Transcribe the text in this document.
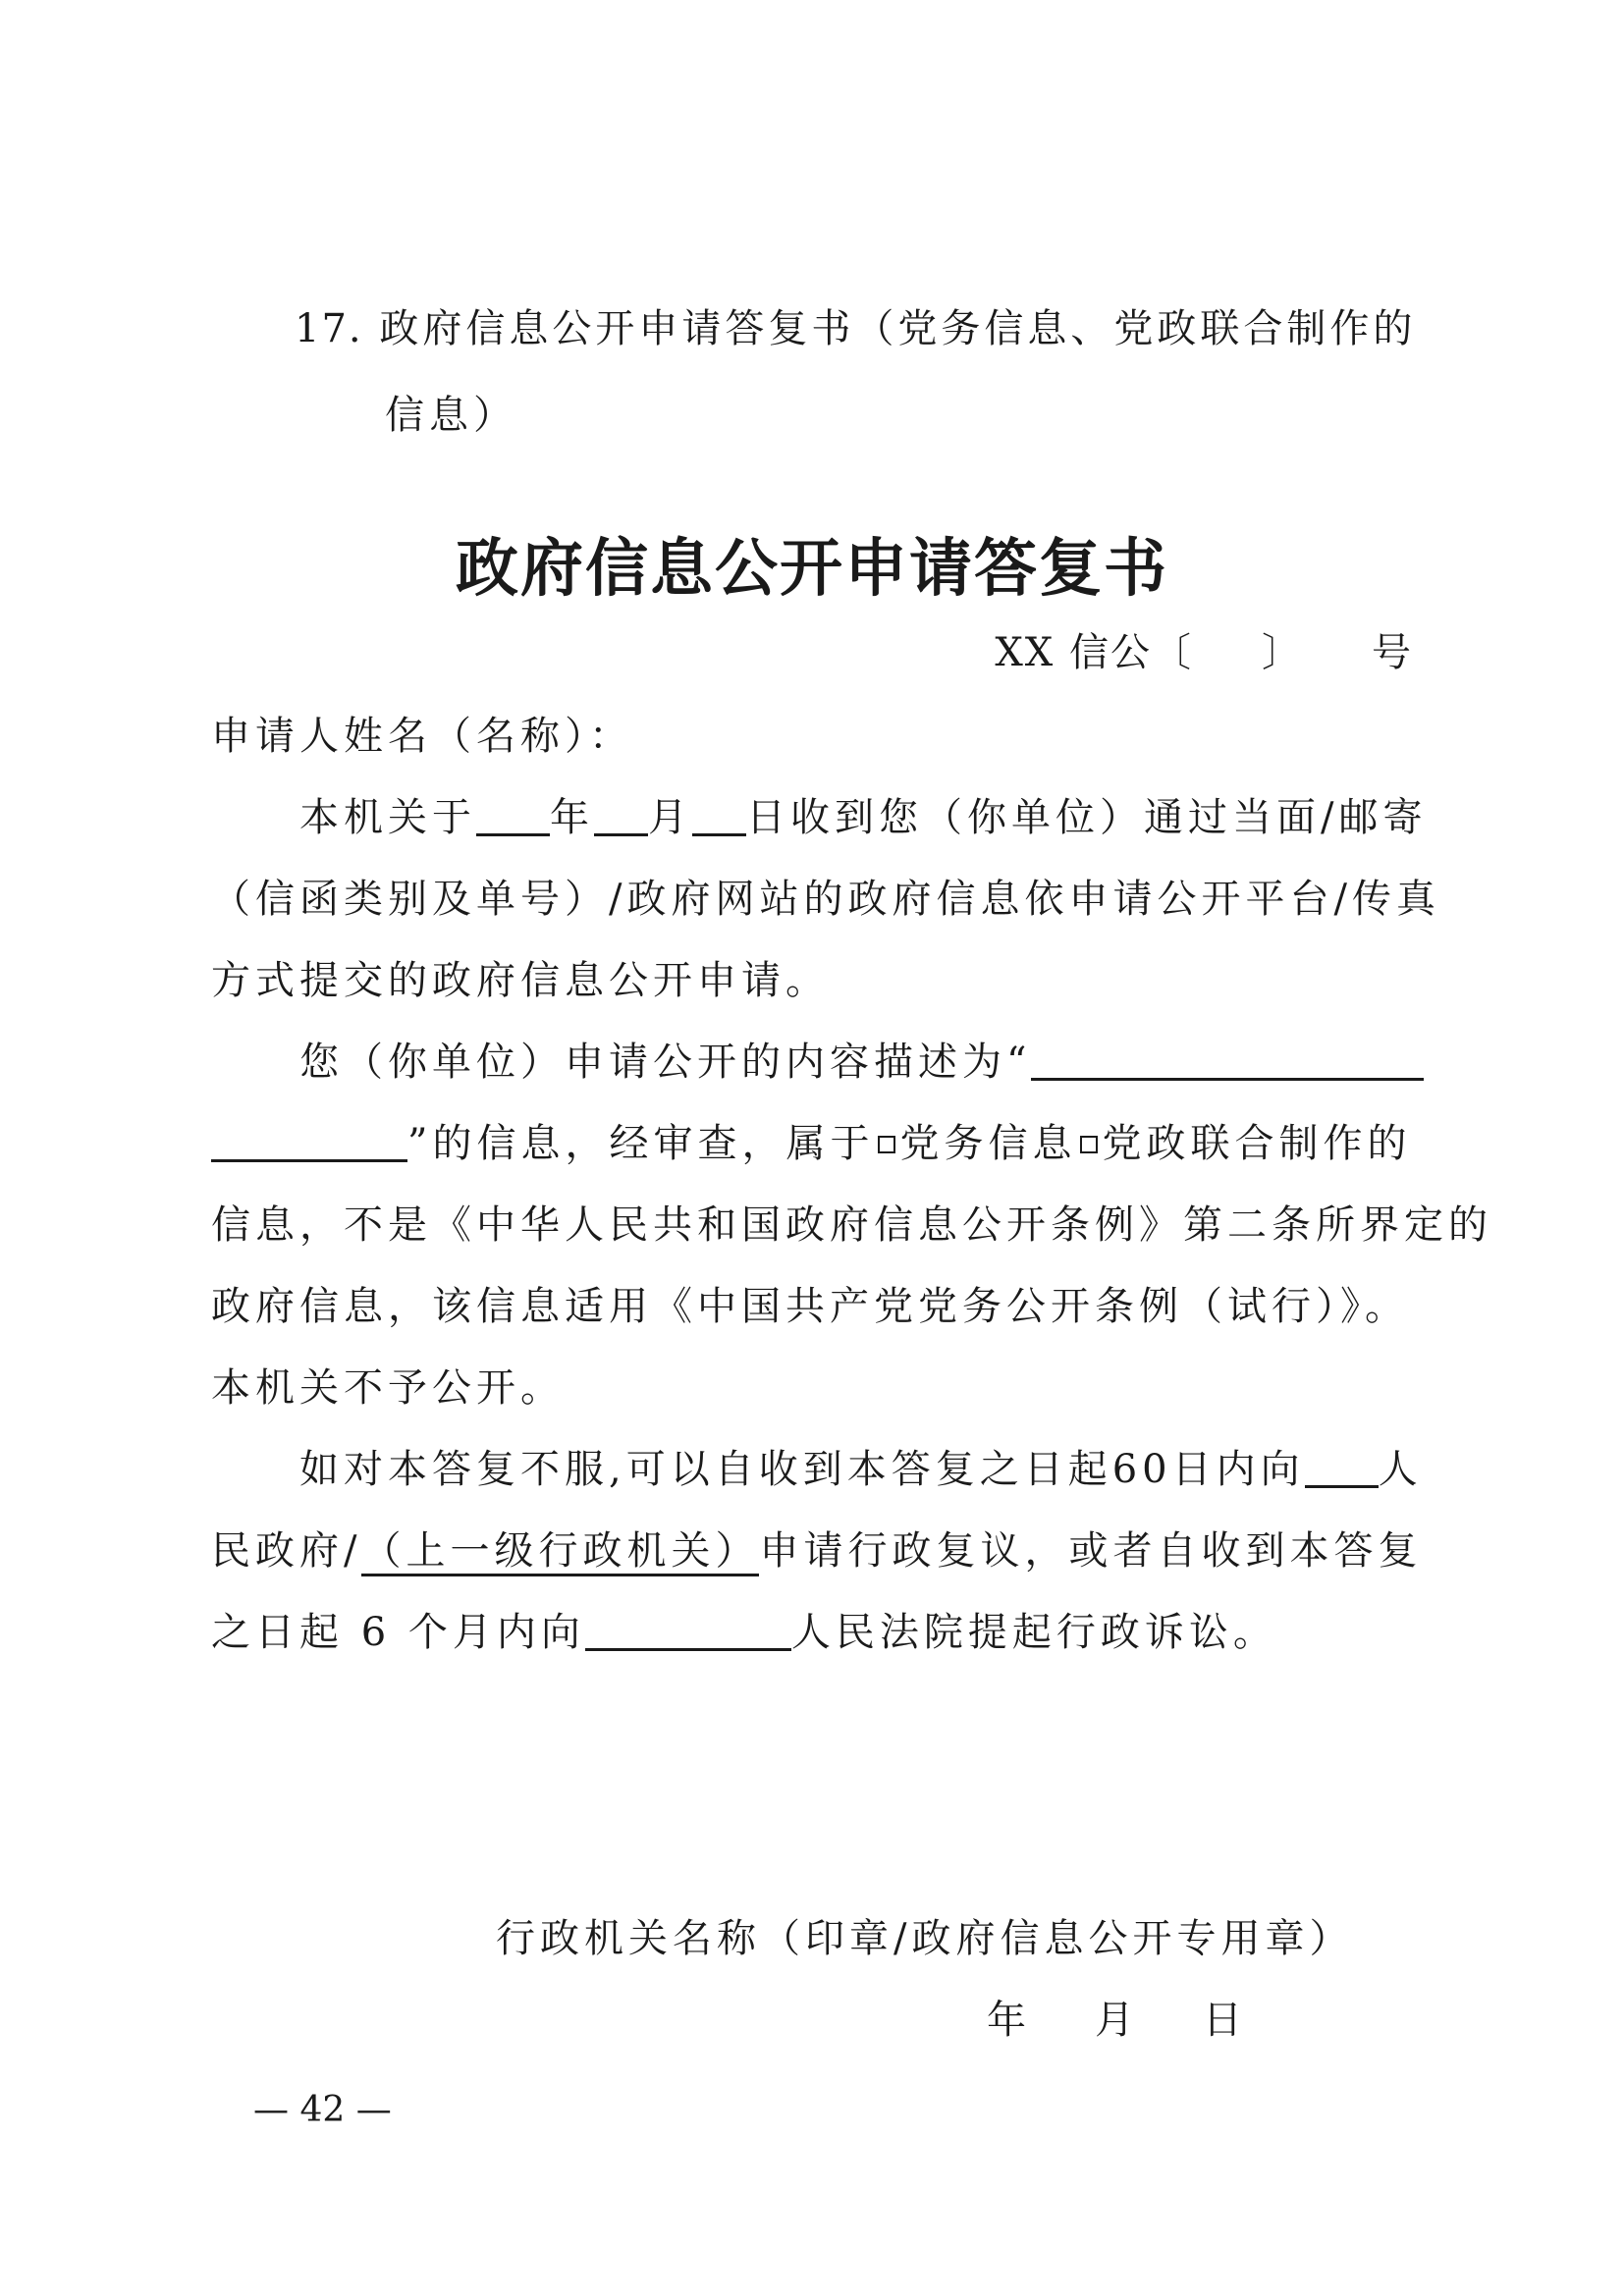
17. 政府信息公开申请答复书（党务信息、党政联合制作的
信息）
政府信息公开申请答复书
XX 信公〔 〕 号
申请人姓名（名称）：
本机关于 年 月 日收到您（你单位）通过当面/邮寄
（信函类别及单号）/政府网站的政府信息依申请公开平台/传真
方式提交的政府信息公开申请。
您（你单位）申请公开的内容描述为“
”的信息，经审查，属于 党务信息 党政联合制作的
信息，不是《中华人民共和国政府信息公开条例》第二条所界定的
政府信息，该信息适用《中国共产党党务公开条例（试行）》。
本机关不予公开。
如对本答复不服,可以自收到本答复之日起60日内向 人
民政府/（上一级行政机关）申请行政复议，或者自收到本答复
之日起 6 个月内向	人民法院提起行政诉讼。
行政机关名称（印章/政府信息公开专用章）
年 月 日
— 42 —
